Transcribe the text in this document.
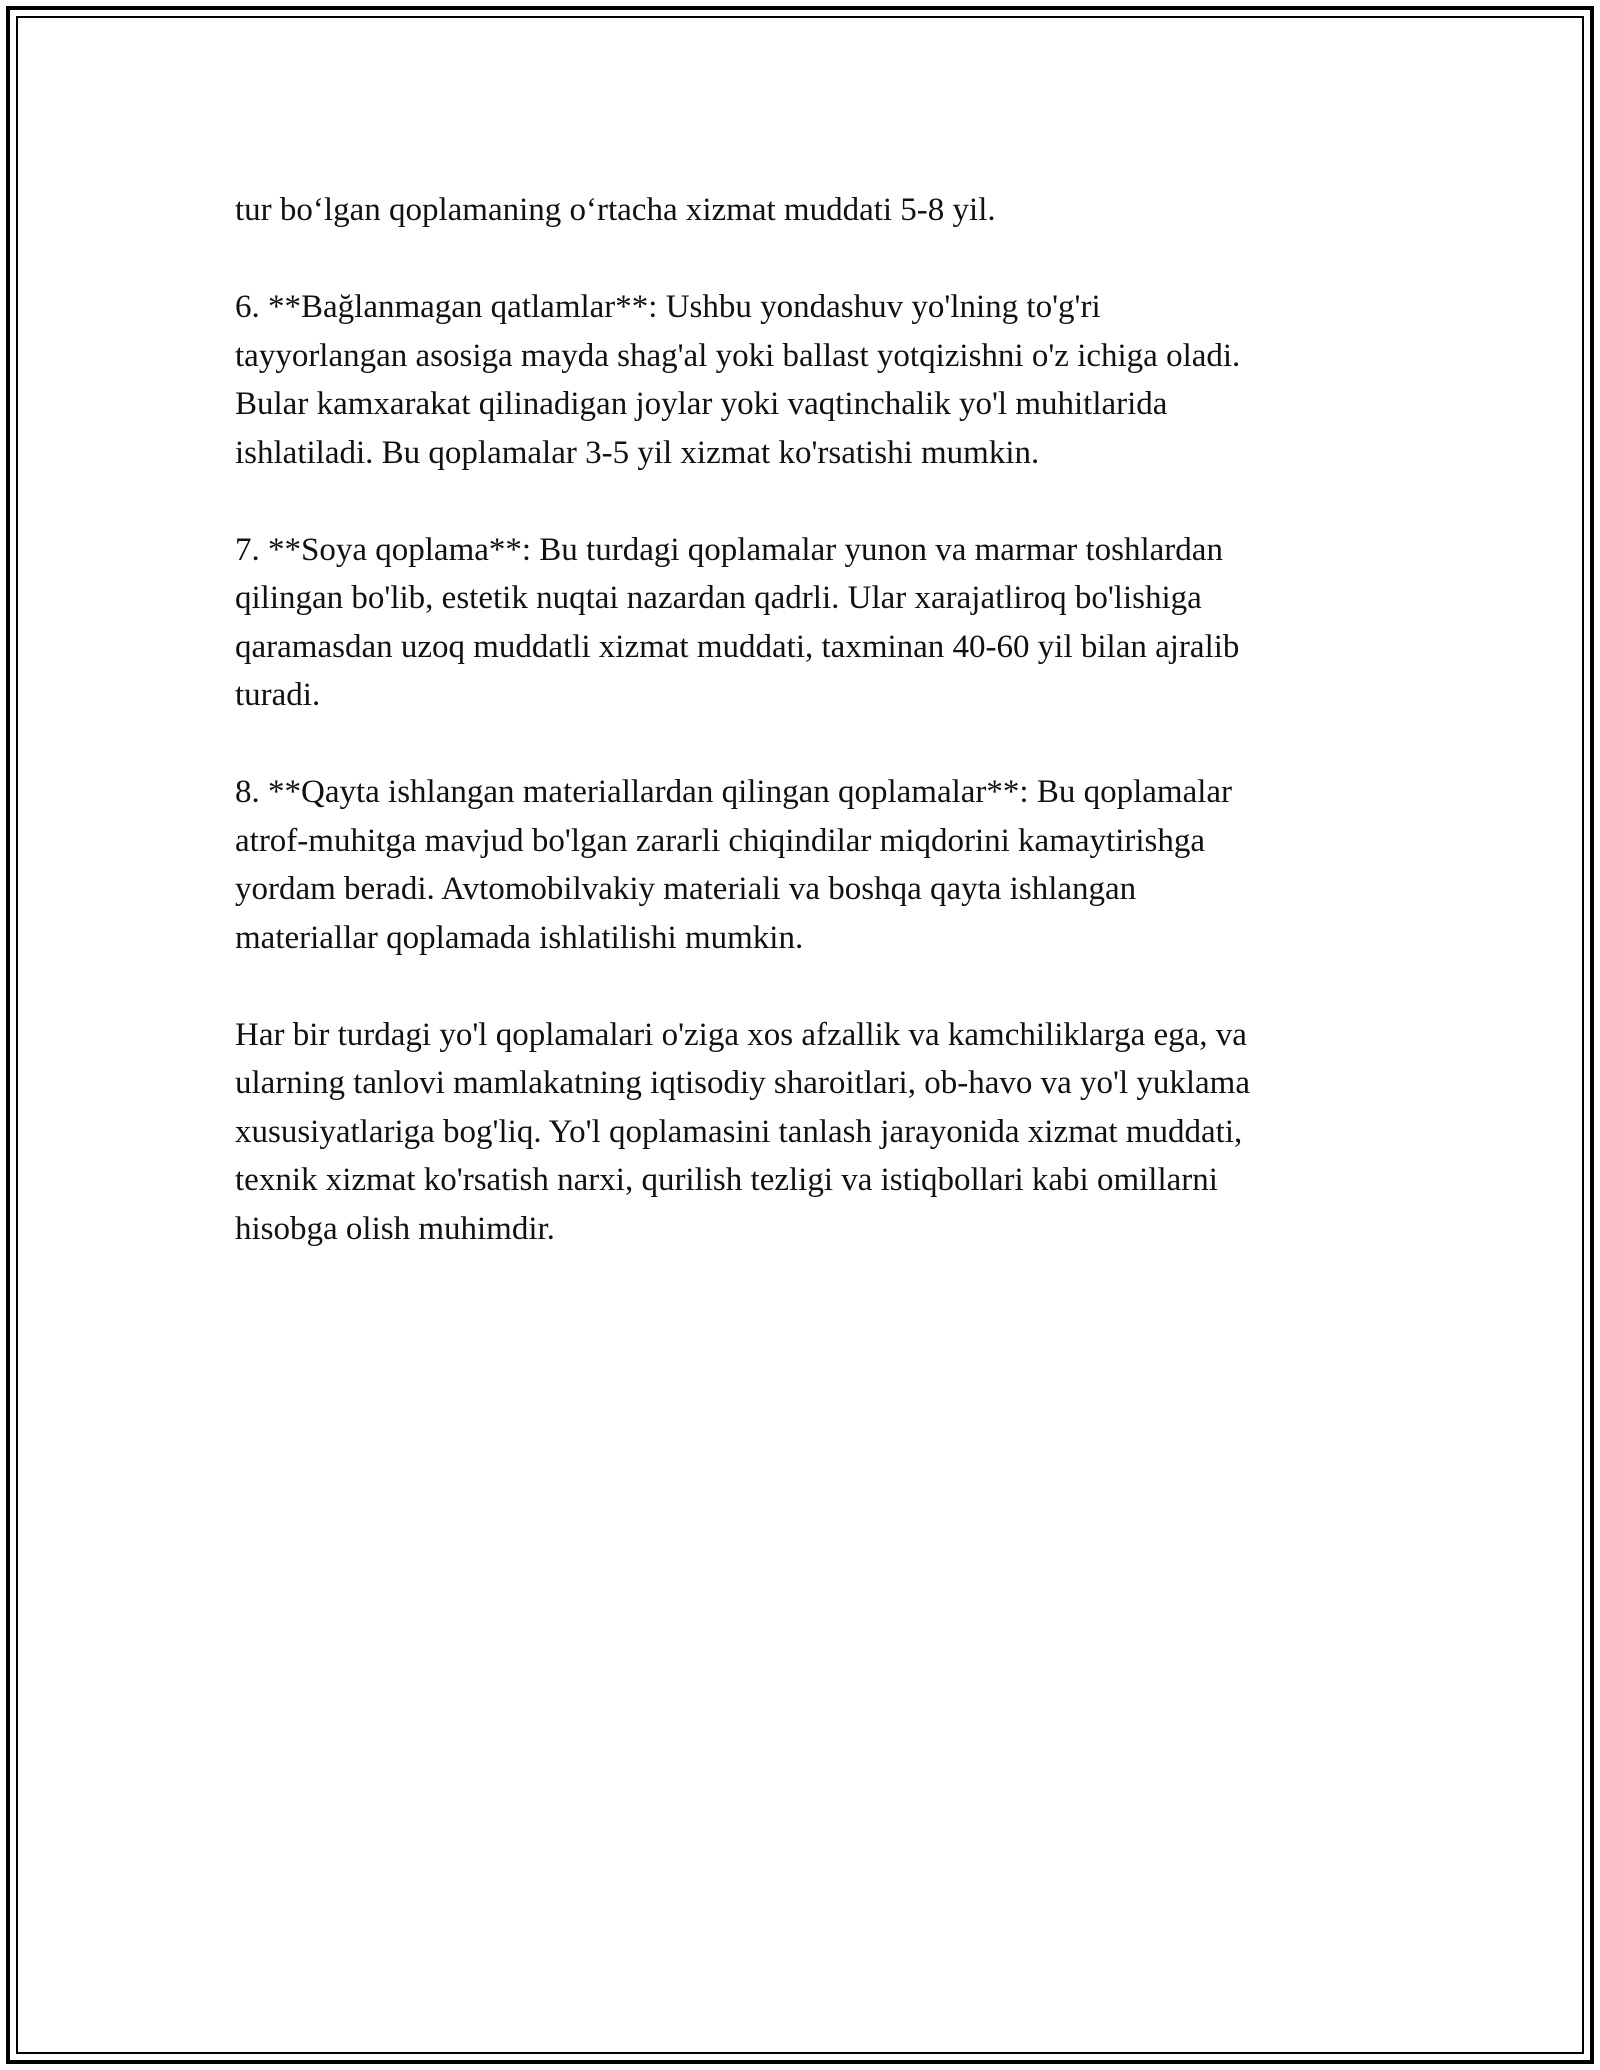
tur bo‘lgan qoplamaning o‘rtacha xizmat muddati 5-8 yil.

6. **Bağlanmagan qatlamlar**: Ushbu yondashuv yo'lning to'g'ri
tayyorlangan asosiga mayda shag'al yoki ballast yotqizishni o'z ichiga oladi.
Bular kamxarakat qilinadigan joylar yoki vaqtinchalik yo'l muhitlarida
ishlatiladi. Bu qoplamalar 3-5 yil xizmat ko'rsatishi mumkin.

7. **Soya qoplama**: Bu turdagi qoplamalar yunon va marmar toshlardan
qilingan bo'lib, estetik nuqtai nazardan qadrli. Ular xarajatliroq bo'lishiga
qaramasdan uzoq muddatli xizmat muddati, taxminan 40-60 yil bilan ajralib
turadi.

8. **Qayta ishlangan materiallardan qilingan qoplamalar**: Bu qoplamalar
atrof-muhitga mavjud bo'lgan zararli chiqindilar miqdorini kamaytirishga
yordam beradi. Avtomobilvakiy materiali va boshqa qayta ishlangan
materiallar qoplamada ishlatilishi mumkin.

Har bir turdagi yo'l qoplamalari o'ziga xos afzallik va kamchiliklarga ega, va
ularning tanlovi mamlakatning iqtisodiy sharoitlari, ob-havo va yo'l yuklama
xususiyatlariga bog'liq. Yo'l qoplamasini tanlash jarayonida xizmat muddati,
texnik xizmat ko'rsatish narxi, qurilish tezligi va istiqbollari kabi omillarni
hisobga olish muhimdir.
